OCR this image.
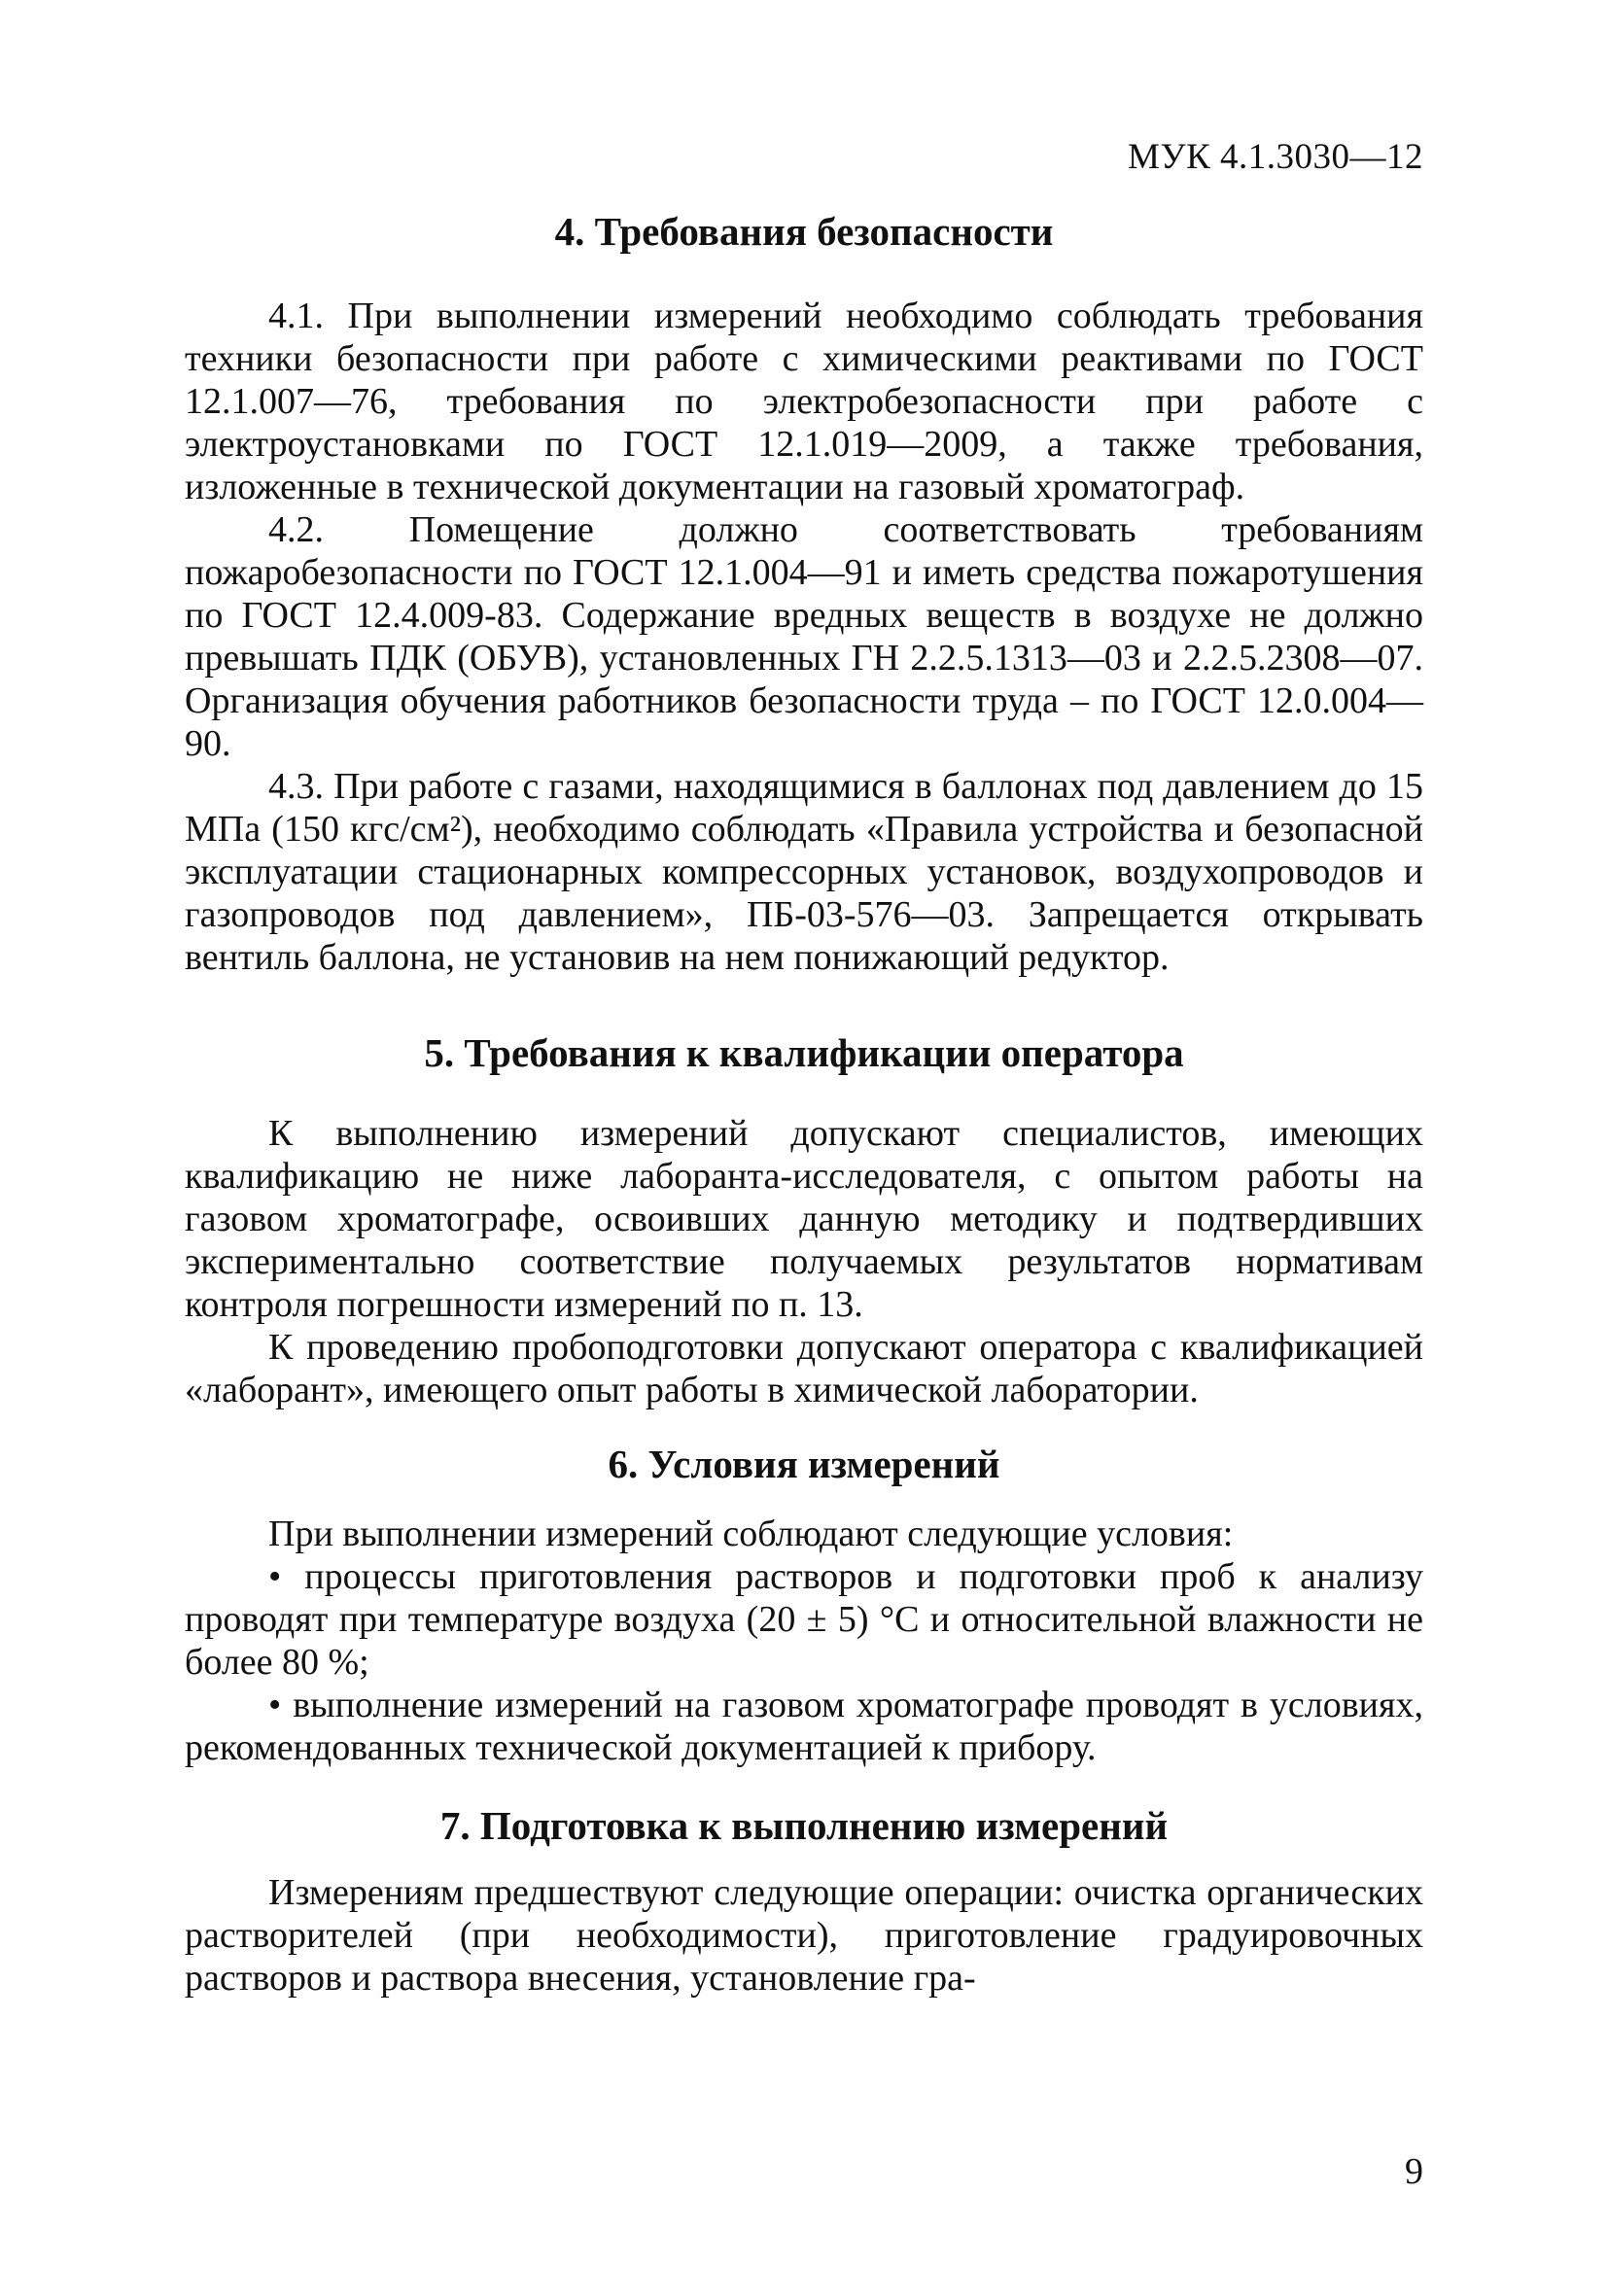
МУК 4.1.3030—12
4. Требования безопасности

4.1. При выполнении измерений необходимо соблюдать требования техники безопасности при работе с химическими реактивами по ГОСТ 12.1.007—76, требования по электробезопасности при работе с электроустановками по ГОСТ 12.1.019—2009, а также требования, изложенные в технической документации на газовый хроматограф.

4.2. Помещение должно соответствовать требованиям пожаробезопасности по ГОСТ 12.1.004—91 и иметь средства пожаротушения по ГОСТ 12.4.009-83. Содержание вредных веществ в воздухе не должно превышать ПДК (ОБУВ), установленных ГН 2.2.5.1313—03 и 2.2.5.2308—07. Организация обучения работников безопасности труда – по ГОСТ 12.0.004—90.

4.3. При работе с газами, находящимися в баллонах под давлением до 15 МПа (150 кгс/см²), необходимо соблюдать «Правила устройства и безопасной эксплуатации стационарных компрессорных установок, воздухопроводов и газопроводов под давлением», ПБ-03-576—03. Запрещается открывать вентиль баллона, не установив на нем понижающий редуктор.

5. Требования к квалификации оператора

К выполнению измерений допускают специалистов, имеющих квалификацию не ниже лаборанта-исследователя, с опытом работы на газовом хроматографе, освоивших данную методику и подтвердивших экспериментально соответствие получаемых результатов нормативам контроля погрешности измерений по п. 13.

К проведению пробоподготовки допускают оператора с квалификацией «лаборант», имеющего опыт работы в химической лаборатории.

6. Условия измерений

При выполнении измерений соблюдают следующие условия:

• процессы приготовления растворов и подготовки проб к анализу проводят при температуре воздуха (20 ± 5) °С и относительной влажности не более 80 %;

• выполнение измерений на газовом хроматографе проводят в условиях, рекомендованных технической документацией к прибору.

7. Подготовка к выполнению измерений

Измерениям предшествуют следующие операции: очистка органических растворителей (при необходимости), приготовление градуировочных растворов и раствора внесения, установление гра-

9
